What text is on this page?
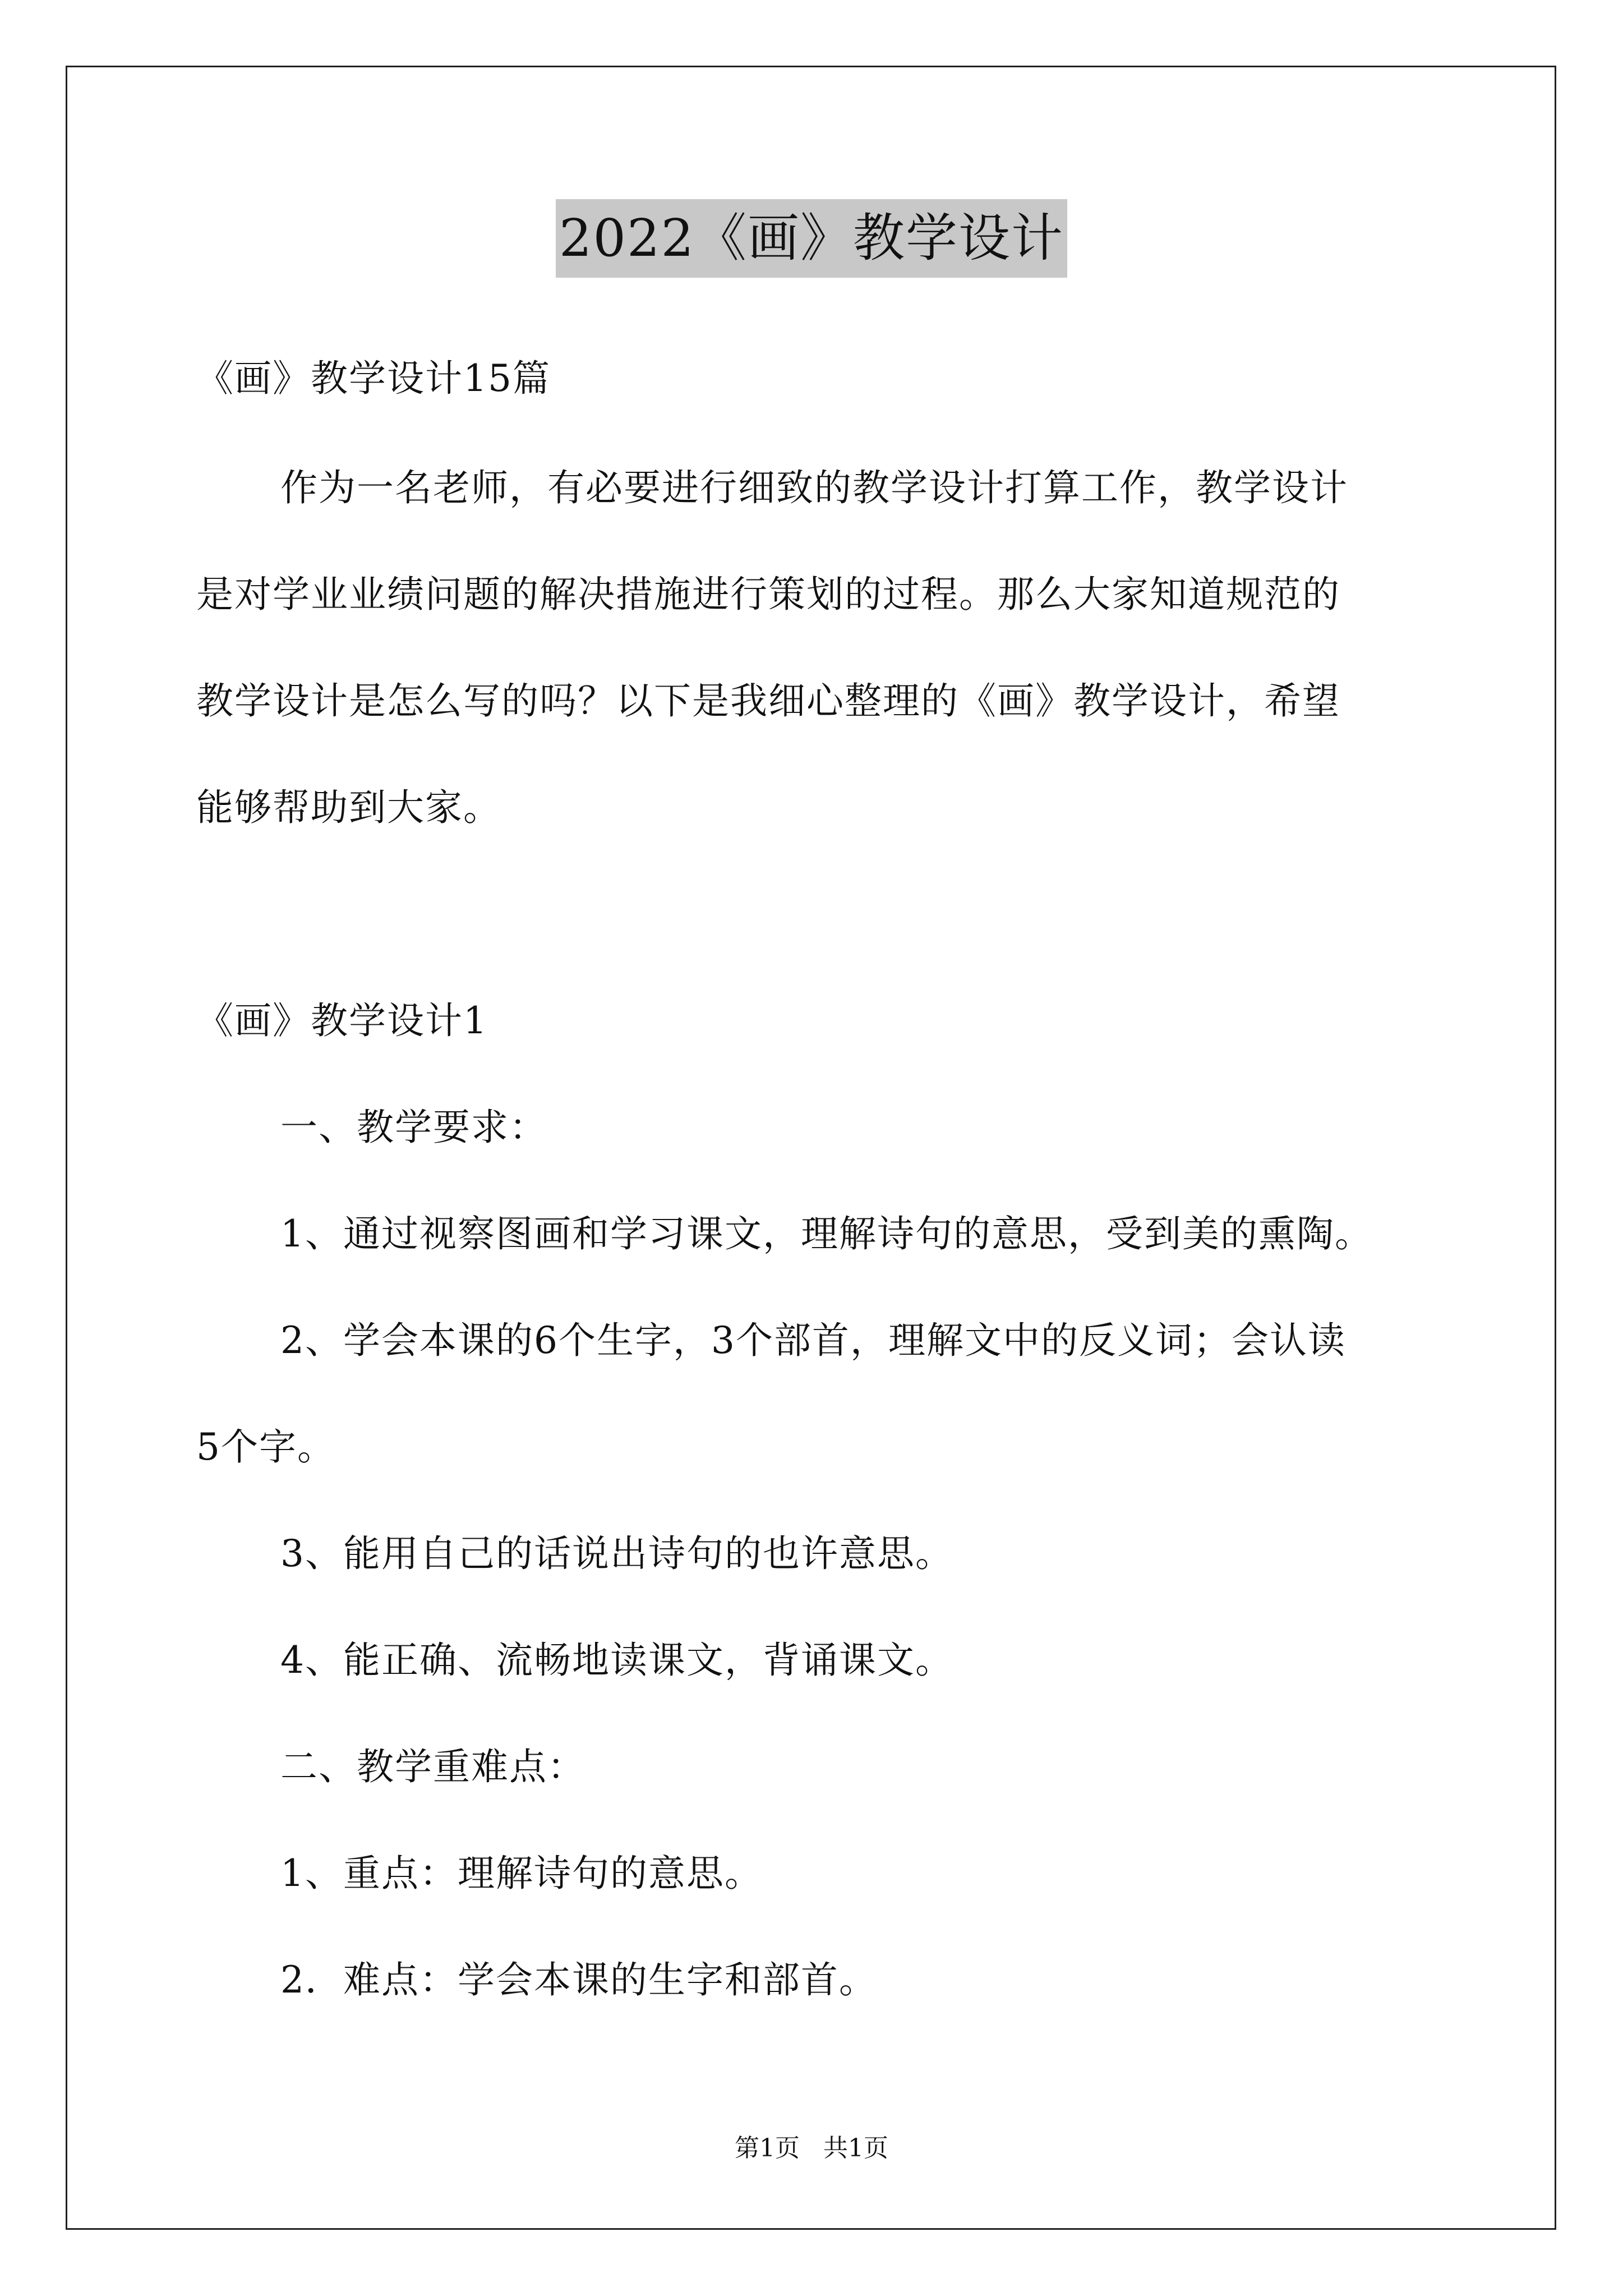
2022《画》教学设计
《画》教学设计15篇
作为一名老师，有必要进行细致的教学设计打算工作，教学设计
是对学业业绩问题的解决措施进行策划的过程。那么大家知道规范的
教学设计是怎么写的吗？以下是我细心整理的《画》教学设计，希望
能够帮助到大家。
《画》教学设计1
一、教学要求：
1、通过视察图画和学习课文，理解诗句的意思，受到美的熏陶。
2、学会本课的6个生字，3个部首，理解文中的反义词；会认读
5个字。
3、能用自己的话说出诗句的也许意思。
4、能正确、流畅地读课文，背诵课文。
二、教学重难点：
1、重点：理解诗句的意思。
2．难点：学会本课的生字和部首。
第1页   共1页
